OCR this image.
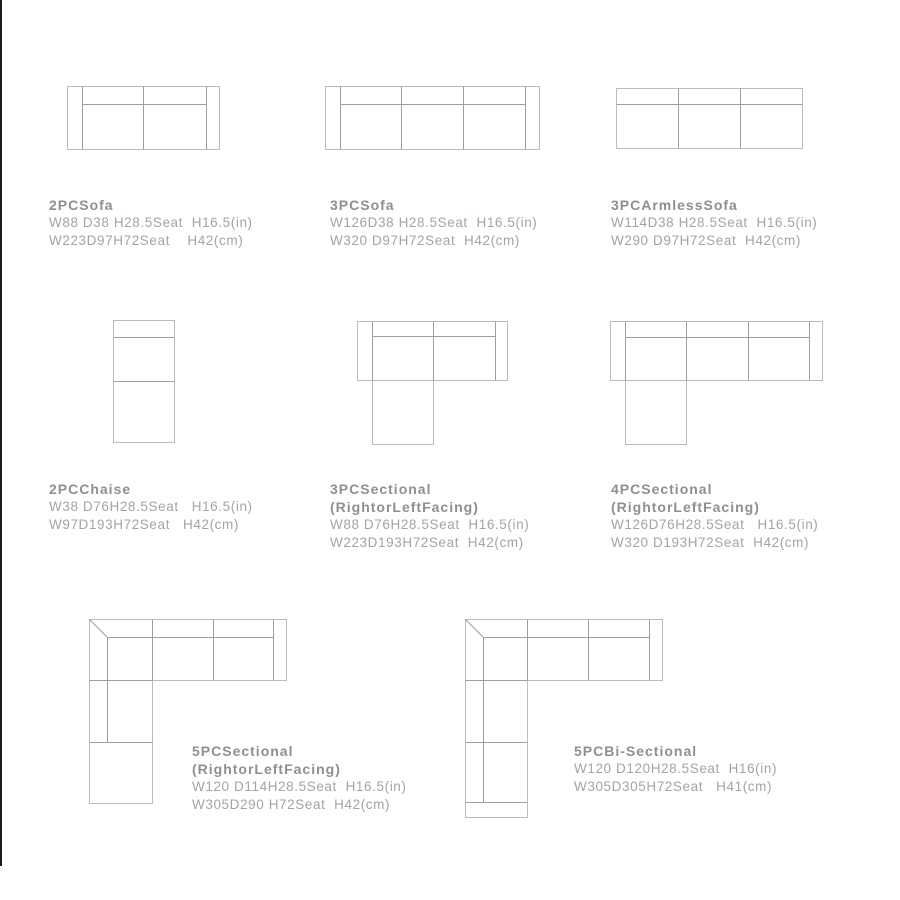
2PCSofa
W88 D38 H28.5Seat  H16.5(in)
W223D97H72Seat    H42(cm)
3PCSofa
W126D38 H28.5Seat  H16.5(in)
W320 D97H72Seat  H42(cm)
3PCArmlessSofa
W114D38 H28.5Seat  H16.5(in)
W290 D97H72Seat  H42(cm)
2PCChaise
W38 D76H28.5Seat   H16.5(in)
W97D193H72Seat   H42(cm)
3PCSectional
(RightorLeftFacing)
W88 D76H28.5Seat  H16.5(in)
W223D193H72Seat  H42(cm)
4PCSectional
(RightorLeftFacing)
W126D76H28.5Seat   H16.5(in)
W320 D193H72Seat  H42(cm)
5PCSectional
(RightorLeftFacing)
W120 D114H28.5Seat  H16.5(in)
W305D290 H72Seat  H42(cm)
5PCBi-Sectional
W120 D120H28.5Seat  H16(in)
W305D305H72Seat   H41(cm)
